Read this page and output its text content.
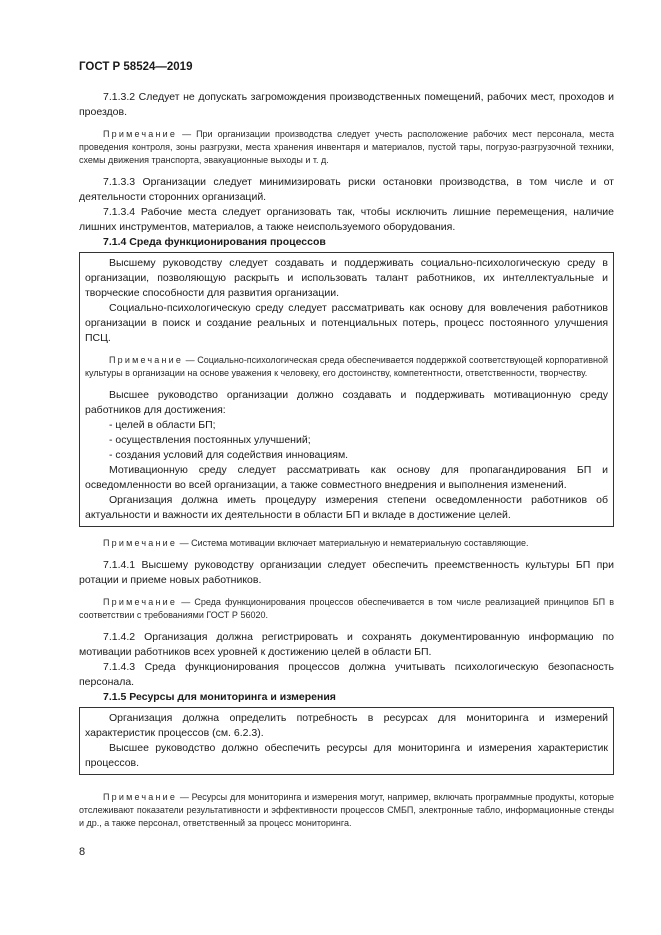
ГОСТ Р 58524—2019

7.1.3.2 Следует не допускать загромождения производственных помещений, рабочих мест, проходов и проездов.

Примечание — При организации производства следует учесть расположение рабочих мест персонала, места проведения контроля, зоны разгрузки, места хранения инвентаря и материалов, пустой тары, погрузо-разгрузочной техники, схемы движения транспорта, эвакуационные выходы и т. д.

7.1.3.3 Организации следует минимизировать риски остановки производства, в том числе и от деятельности сторонних организаций.

7.1.3.4 Рабочие места следует организовать так, чтобы исключить лишние перемещения, наличие лишних инструментов, материалов, а также неиспользуемого оборудования.

7.1.4 Среда функционирования процессов

Высшему руководству следует создавать и поддерживать социально-психологическую среду в организации, позволяющую раскрыть и использовать талант работников, их интеллектуальные и творческие способности для развития организации.

Социально-психологическую среду следует рассматривать как основу для вовлечения работников организации в поиск и создание реальных и потенциальных потерь, процесс постоянного улучшения ПСЦ.

Примечание — Социально-психологическая среда обеспечивается поддержкой соответствующей корпоративной культуры в организации на основе уважения к человеку, его достоинству, компетентности, ответственности, творчеству.

Высшее руководство организации должно создавать и поддерживать мотивационную среду работников для достижения:

- целей в области БП;

- осуществления постоянных улучшений;

- создания условий для содействия инновациям.

Мотивационную среду следует рассматривать как основу для пропагандирования БП и осведомленности во всей организации, а также совместного внедрения и выполнения изменений.

Организация должна иметь процедуру измерения степени осведомленности работников об актуальности и важности их деятельности в области БП и вкладе в достижение целей.

Примечание — Система мотивации включает материальную и нематериальную составляющие.

7.1.4.1 Высшему руководству организации следует обеспечить преемственность культуры БП при ротации и приеме новых работников.

Примечание — Среда функционирования процессов обеспечивается в том числе реализацией принципов БП в соответствии с требованиями ГОСТ Р 56020.

7.1.4.2 Организация должна регистрировать и сохранять документированную информацию по мотивации работников всех уровней к достижению целей в области БП.

7.1.4.3 Среда функционирования процессов должна учитывать психологическую безопасность персонала.

7.1.5 Ресурсы для мониторинга и измерения

Организация должна определить потребность в ресурсах для мониторинга и измерений характеристик процессов (см. 6.2.3).

Высшее руководство должно обеспечить ресурсы для мониторинга и измерения характеристик процессов.

Примечание — Ресурсы для мониторинга и измерения могут, например, включать программные продукты, которые отслеживают показатели результативности и эффективности процессов СМБП, электронные табло, информационные стенды и др., а также персонал, ответственный за процесс мониторинга.

8
